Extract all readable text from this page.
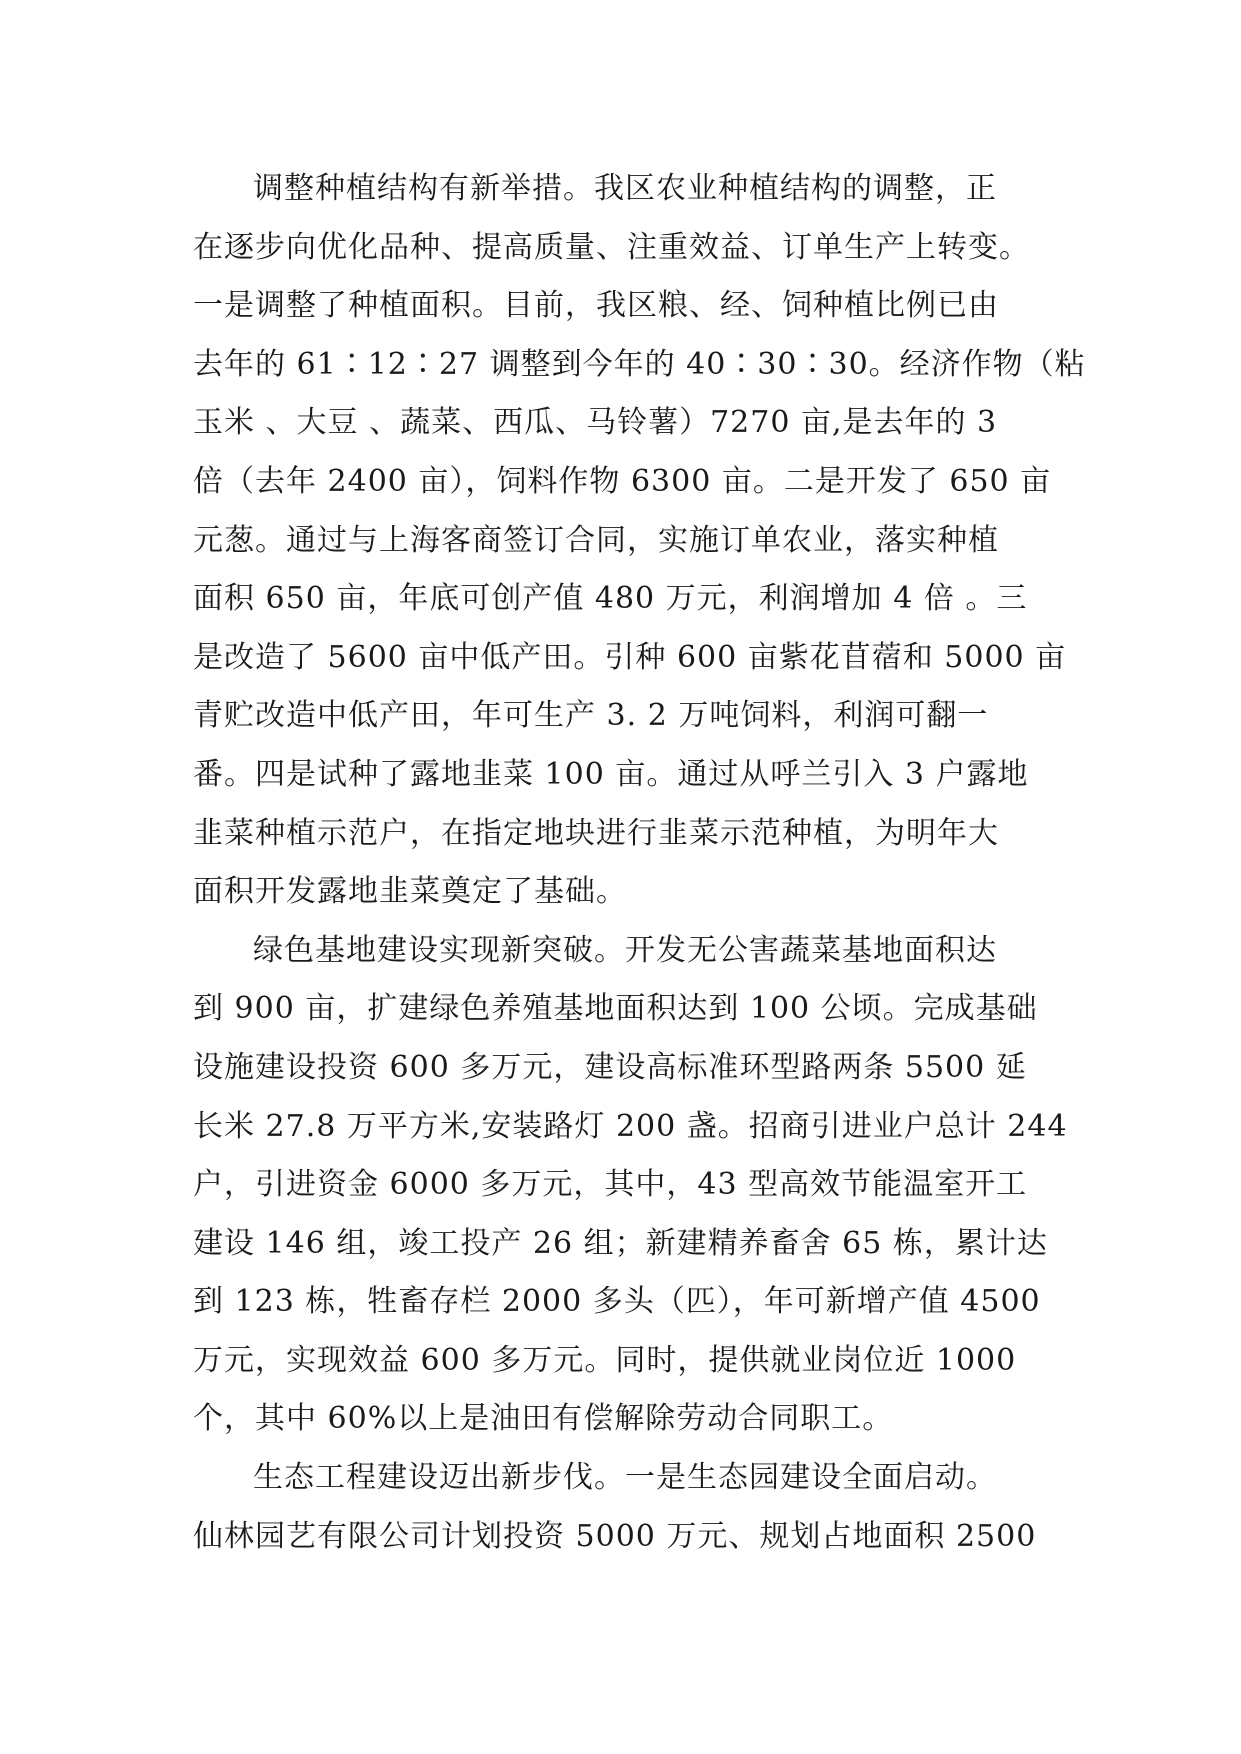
调整种植结构有新举措。我区农业种植结构的调整，正
在逐步向优化品种、提高质量、注重效益、订单生产上转变。
一是调整了种植面积。目前，我区粮、经、饲种植比例已由
去年的 61∶12∶27 调整到今年的 40∶30∶30。经济作物（粘
玉米 、大豆 、蔬菜、西瓜、马铃薯）7270 亩,是去年的 3
倍（去年 2400 亩），饲料作物 6300 亩。二是开发了 650 亩
元葱。通过与上海客商签订合同，实施订单农业，落实种植
面积 650 亩，年底可创产值 480 万元，利润增加 4 倍 。三
是改造了 5600 亩中低产田。引种 600 亩紫花苜蓿和 5000 亩
青贮改造中低产田，年可生产 3. 2 万吨饲料，利润可翻一
番。四是试种了露地韭菜 100 亩。通过从呼兰引入 3 户露地
韭菜种植示范户，在指定地块进行韭菜示范种植，为明年大
面积开发露地韭菜奠定了基础。
绿色基地建设实现新突破。开发无公害蔬菜基地面积达
到 900 亩，扩建绿色养殖基地面积达到 100 公顷。完成基础
设施建设投资 600 多万元，建设高标准环型路两条 5500 延
长米 27.8 万平方米,安装路灯 200 盏。招商引进业户总计 244
户，引进资金 6000 多万元，其中，43 型高效节能温室开工
建设 146 组，竣工投产 26 组；新建精养畜舍 65 栋，累计达
到 123 栋，牲畜存栏 2000 多头（匹），年可新增产值 4500
万元，实现效益 600 多万元。同时，提供就业岗位近 1000
个，其中 60%以上是油田有偿解除劳动合同职工。
生态工程建设迈出新步伐。一是生态园建设全面启动。
仙林园艺有限公司计划投资 5000 万元、规划占地面积 2500
